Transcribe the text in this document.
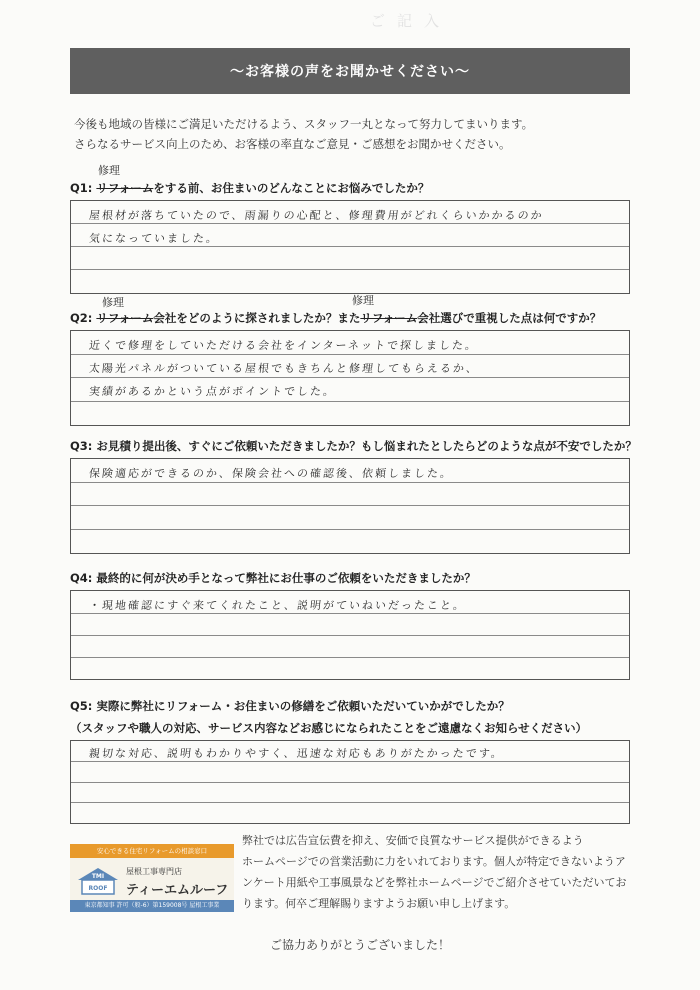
ご記入
～お客様の声をお聞かせください～
今後も地域の皆様にご満足いただけるよう、スタッフ一丸となって努力してまいります。
さらなるサービス向上のため、お客様の率直なご意見・ご感想をお聞かせください。
修理
Q1: リフォームをする前、お住まいのどんなことにお悩みでしたか？
屋根材が落ちていたので、雨漏りの心配と、修理費用がどれくらいかかるのか
気になっていました。
修理	修理
Q2: リフォーム会社をどのように探されましたか？またリフォーム会社選びで重視した点は何ですか？
近くで修理をしていただける会社をインターネットで探しました。
太陽光パネルがついている屋根でもきちんと修理してもらえるか、
実績があるかという点がポイントでした。
Q3: お見積り提出後、すぐにご依頼いただきましたか？もし悩まれたとしたらどのような点が不安でしたか？
保険適応ができるのか、保険会社への確認後、依頼しました。
Q4: 最終的に何が決め手となって弊社にお仕事のご依頼をいただきましたか？
・現地確認にすぐ来てくれたこと、説明がていねいだったこと。
Q5: 実際に弊社にリフォーム・お住まいの修繕をご依頼いただいていかがでしたか？
（スタッフや職人の対応、サービス内容などお感じになられたことをご遠慮なくお知らせください）
親切な対応、説明もわかりやすく、迅速な対応もありがたかったです。
安心できる住宅リフォームの相談窓口
TMI
ROOF
屋根工事専門店
ティーエムルーフ
東京都知事 許可（般-6）第159008号 屋根工事業
弊社では広告宣伝費を抑え、安価で良質なサービス提供ができるよう
ホームページでの営業活動に力をいれております。個人が特定できないようア
ンケート用紙や工事風景などを弊社ホームページでご紹介させていただいてお
ります。何卒ご理解賜りますようお願い申し上げます。
ご協力ありがとうございました！
